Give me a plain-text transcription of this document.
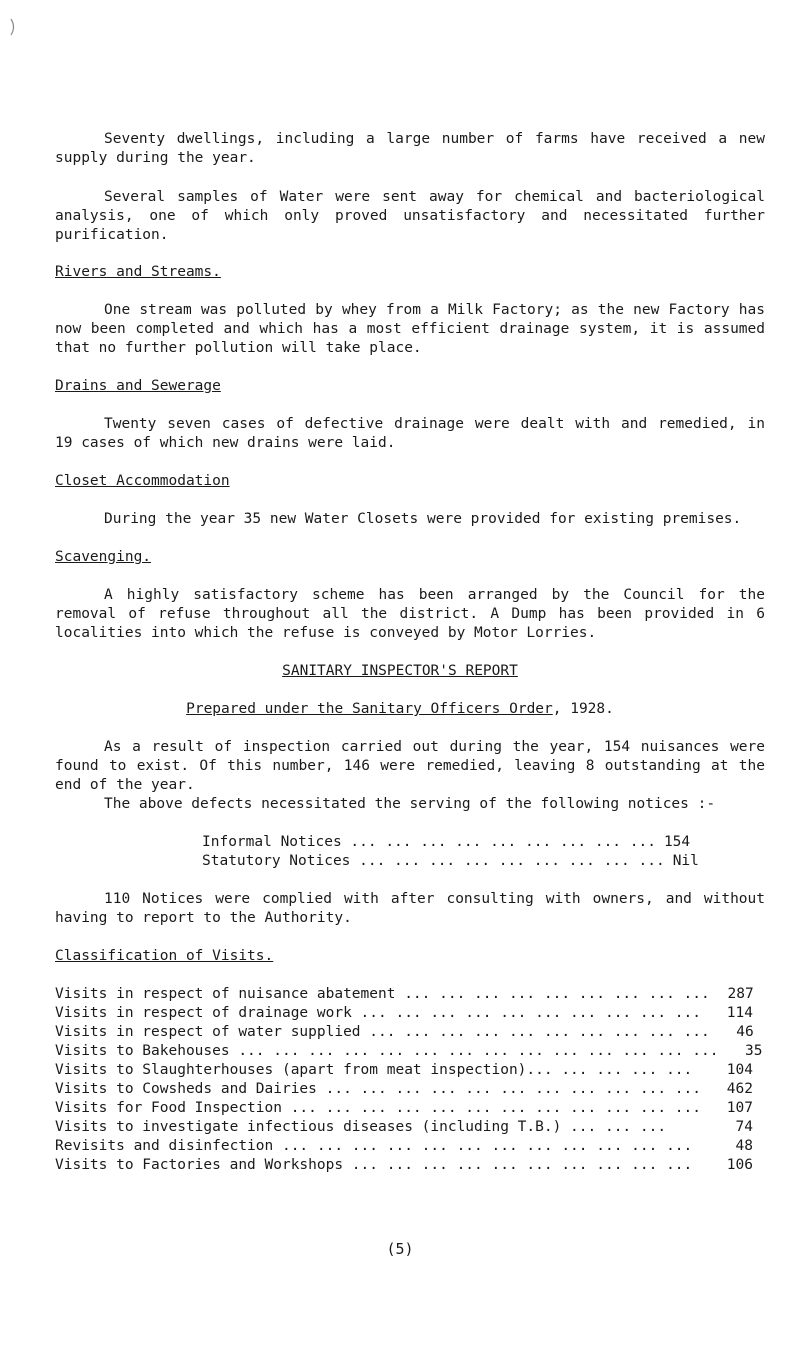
Seventy dwellings, including a large number of farms have received a new supply during the year.

Several samples of Water were sent away for chemical and bacteriological analysis, one of which only proved unsatisfactory and necessitated further purification.

Rivers and Streams.

One stream was polluted by whey from a Milk Factory; as the new Factory has now been completed and which has a most efficient drainage system, it is assumed that no further pollution will take place.

Drains and Sewerage

Twenty seven cases of defective drainage were dealt with and remedied, in 19 cases of which new drains were laid.

Closet Accommodation

During the year 35 new Water Closets were provided for existing premises.

Scavenging.

A highly satisfactory scheme has been arranged by the Council for the removal of refuse throughout all the district. A Dump has been provided in 6 localities into which the refuse is conveyed by Motor Lorries.

SANITARY INSPECTOR'S REPORT
Prepared under the Sanitary Officers Order, 1928.

As a result of inspection carried out during the year, 154 nuisances were found to exist. Of this number, 146 were remedied, leaving 8 outstanding at the end of the year.

The above defects necessitated the serving of the following notices :-

Informal Notices ... ... ... ... ... ... ... ... ... 154
Statutory Notices ... ... ... ... ... ... ... ... ... Nil

110 Notices were complied with after consulting with owners, and without having to report to the Authority.

Classification of Visits.
Visits in respect of nuisance abatement ... ... ... ... ... ... ... ... ...	287
Visits in respect of drainage work ... ... ... ... ... ... ... ... ... ...	114
Visits in respect of water supplied ... ... ... ... ... ... ... ... ... ...	46
Visits to Bakehouses ... ... ... ... ... ... ... ... ... ... ... ... ... ...	35
Visits to Slaughterhouses (apart from meat inspection)... ... ... ... ...	104
Visits to Cowsheds and Dairies ... ... ... ... ... ... ... ... ... ... ...	462
Visits for Food Inspection ... ... ... ... ... ... ... ... ... ... ... ...	107
Visits to investigate infectious diseases (including T.B.) ... ... ...	74
Revisits and disinfection ... ... ... ... ... ... ... ... ... ... ... ...	48
Visits to Factories and Workshops ... ... ... ... ... ... ... ... ... ...	106
(5)
